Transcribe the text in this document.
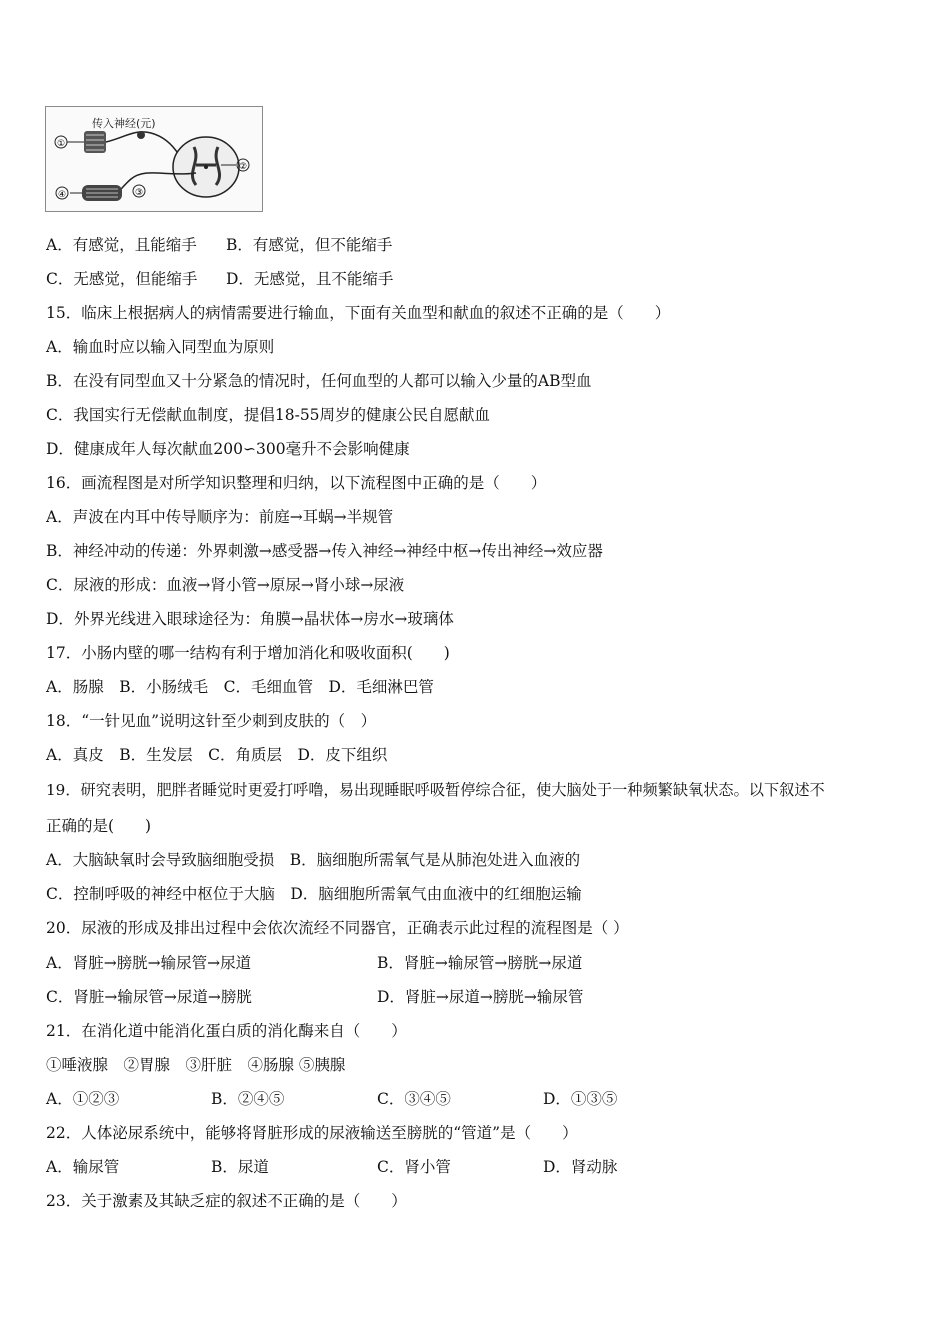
传入神经(元)
①
②
③
④
A．有感觉，且能缩手 B．有感觉，但不能缩手
C．无感觉，但能缩手 D．无感觉，且不能缩手
15．临床上根据病人的病情需要进行输血，下面有关血型和献血的叙述不正确的是（　　）
A．输血时应以输入同型血为原则
B．在没有同型血又十分紧急的情况时，任何血型的人都可以输入少量的AB型血
C．我国实行无偿献血制度，提倡18-55周岁的健康公民自愿献血
D．健康成年人每次献血200∽300毫升不会影响健康
16．画流程图是对所学知识整理和归纳，以下流程图中正确的是（　　）
A．声波在内耳中传导顺序为：前庭→耳蜗→半规管
B．神经冲动的传递：外界刺激→感受器→传入神经→神经中枢→传出神经→效应器
C．尿液的形成：血液→肾小管→原尿→肾小球→尿液
D．外界光线进入眼球途径为：角膜→晶状体→房水→玻璃体
17．小肠内壁的哪一结构有利于增加消化和吸收面积(　　)
A．肠腺　B．小肠绒毛　C．毛细血管　D．毛细淋巴管
18．“一针见血”说明这针至少刺到皮肤的（　）
A．真皮　B．生发层　C．角质层　D．皮下组织
19．研究表明，肥胖者睡觉时更爱打呼噜，易出现睡眠呼吸暂停综合征，使大脑处于一种频繁缺氧状态。以下叙述不
正确的是(　　)
A．大脑缺氧时会导致脑细胞受损　B．脑细胞所需氧气是从肺泡处进入血液的
C．控制呼吸的神经中枢位于大脑　D．脑细胞所需氧气由血液中的红细胞运输
20．尿液的形成及排出过程中会依次流经不同器官，正确表示此过程的流程图是（ ）
A．肾脏→膀胱→输尿管→尿道	B．肾脏→输尿管→膀胱→尿道
C．肾脏→输尿管→尿道→膀胱	D．肾脏→尿道→膀胱→输尿管
21．在消化道中能消化蛋白质的消化酶来自（　　）
①唾液腺　②胃腺　③肝脏　④肠腺 ⑤胰腺
A．①②③	B．②④⑤	C．③④⑤	D．①③⑤
22．人体泌尿系统中，能够将肾脏形成的尿液输送至膀胱的“管道”是（　　）
A．输尿管	B．尿道	C．肾小管	D．肾动脉
23．关于激素及其缺乏症的叙述不正确的是（　　）
